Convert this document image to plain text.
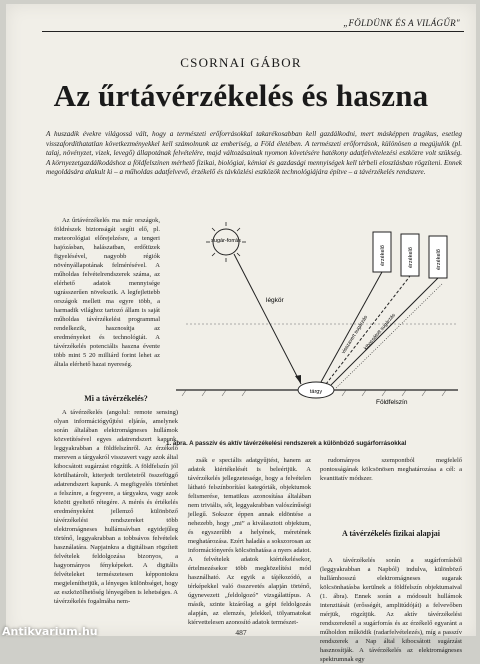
„FÖLDÜNK ÉS A VILÁGŰR"
CSORNAI GÁBOR
Az űrtávérzékelés és haszna

A huszadik évekre világossá vált, hogy a természeti erőforrásokkal takarékosabban kell gazdálkodni, mert másképpen tragikus, esetleg visszafordíthatatlan következményekkel kell számolnunk az emberiség, a Föld életében. A természeti erőforrások, különösen a megújulók (pl. talaj, növényzet, vizek, levegő) állapotának felvételére, majd változásainak nyomon követésére hatékony adatfelvételezési eszközre volt szükség. A környezetgazdálkodáshoz a földfelszínen mérhető fizikai, biológiai, kémiai és gazdasági mennyiségek kell térbeli eloszlásban rögzíteni. Ennek megoldására alakult ki – a műholdas adatfelvevő, érzékelő és távközlési eszközök technológiájára építve – a távérzékelés rendszere.

Az űrtávérzékelés ma már országok, földrészek biztonságát segíti elő, pl. meteorológiai előrejelzésre, a tengeri hajózásban, halászatban, erdőtüzek figyelésével, nagyobb régiók növényállapotának felmérésével. A műholdas felvételrendszerek száma, az elérhető adatok mennyisége ugrásszerűen növekszik. A legfejlettebb országok mellett ma egyre több, a harmadik világhoz tartozó állam is saját műholdas távérzékelési programmal rendelkezik, hasznosítja az eredményeket és technológiát. A távérzékelés potenciális haszna évente több mint 5 20 milliárd forint lehet az általa elérhető hazai nyereség.

Mi a távérzékelés?

A távérzékelés (angolul: remote sensing) olyan információgyűjtési eljárás, amelynek során általában elektromágneses hullámok közvetítésével egyes adatrendszert kapunk, leggyakrabban a földfelszínről. Az érzékelő mereven a tárgyakról visszavert vagy azok által kibocsátott sugárzást rögzítik. A földfelszín jól körülhatárolt, kiterjedt területeiről összefüggő adatrendszert kapunk. A megfigyelés történhet a felszínre, a fegyvere, a tárgyakra, vagy azok között gyeltető rétegére. A mérés és értékelés eredményeként jellemző különböző távérzékelési rendszereket több elektromágneses hullámsávban egyidejűleg történő, leggyakrabban a tobbsávos felvételek használatára. Napjainkra a digitálisan rögzített felvételek feldolgozása bizonyos, a hagyományos fényképeket. A digitális felvételeket természetesen képpontokra megjeleníthetjük, a lényeges különbséget, hogy az eszközölhetőség lényegében is lehetséges. A távérzékelés fogalmába nem-

zsák e speciális adatgyűjtést, hanem az adatok kiértékelését is beleértjük. A távérzékelés jellegzetessége, hogy a felvételen látható felszínborítási kategóriák, objektumok felismerése, tematikus azonosítása általában nem triviális, sőt, leggyakrabban valószínűségi jellegű. Sokszor éppen annak eldöntése a nehezebb, hogy „mi” a kiválasztott objektum, és egyszerűbb a helyének, méretének meghatározása. Ezért haladás a sokszorosan az információnyerés kölcsönhatása a nyers adatot. A felvételek adatok kiértékelésekor, értelmezésekor több megközelítési mód használható. Az egyik a tájékozódó, a térképekkel való összevetés alapján történő, úgynevezett „feldolgozó” vizsgálattípus. A másik, szinte kizárólag a gépi feldolgozás alapján, az elemzés, jelekkel, tölyamatokat kiérvettelesen azonosító adatok természet-

rudományos szempontból megfelelő pontosságának kölcsönösen meghatározása a cél: a kvantitatív módszer.

A távérzékelés fizikai alapjai

A távérzékelés során a sugárforrásból (leggyakrabban a Napból) indulva, különböző hullámhosszú elektromágneses sugarak kölcsönhatásba kerülnek a földfelszín objektumaival (1. ábra). Ennek során a módosult hullámok intenzitását (erősségét, amplitúdóját) a felvevőben mérjük, rögzítjük. Az aktív távérzékelési rendszereknél a sugárforrás és az érzékelő egyaránt a műholdon működik (radarfelvételezés), míg a passzív rendszerek a Nap által kibocsátott sugárzást hasznosítják. A távérzékelés az elektromágneses spektrumnak egy

sugár-forrás
légkör
Földfelszín
tárgy
visszavert sugárzás
kibocsátott sugárzás
érzékelő	érzékelő	érzékelő
1. ábra. A passzív és aktív távérzékelési rendszerek a különböző sugárforrásokkal
487
Antikvarium.hu
